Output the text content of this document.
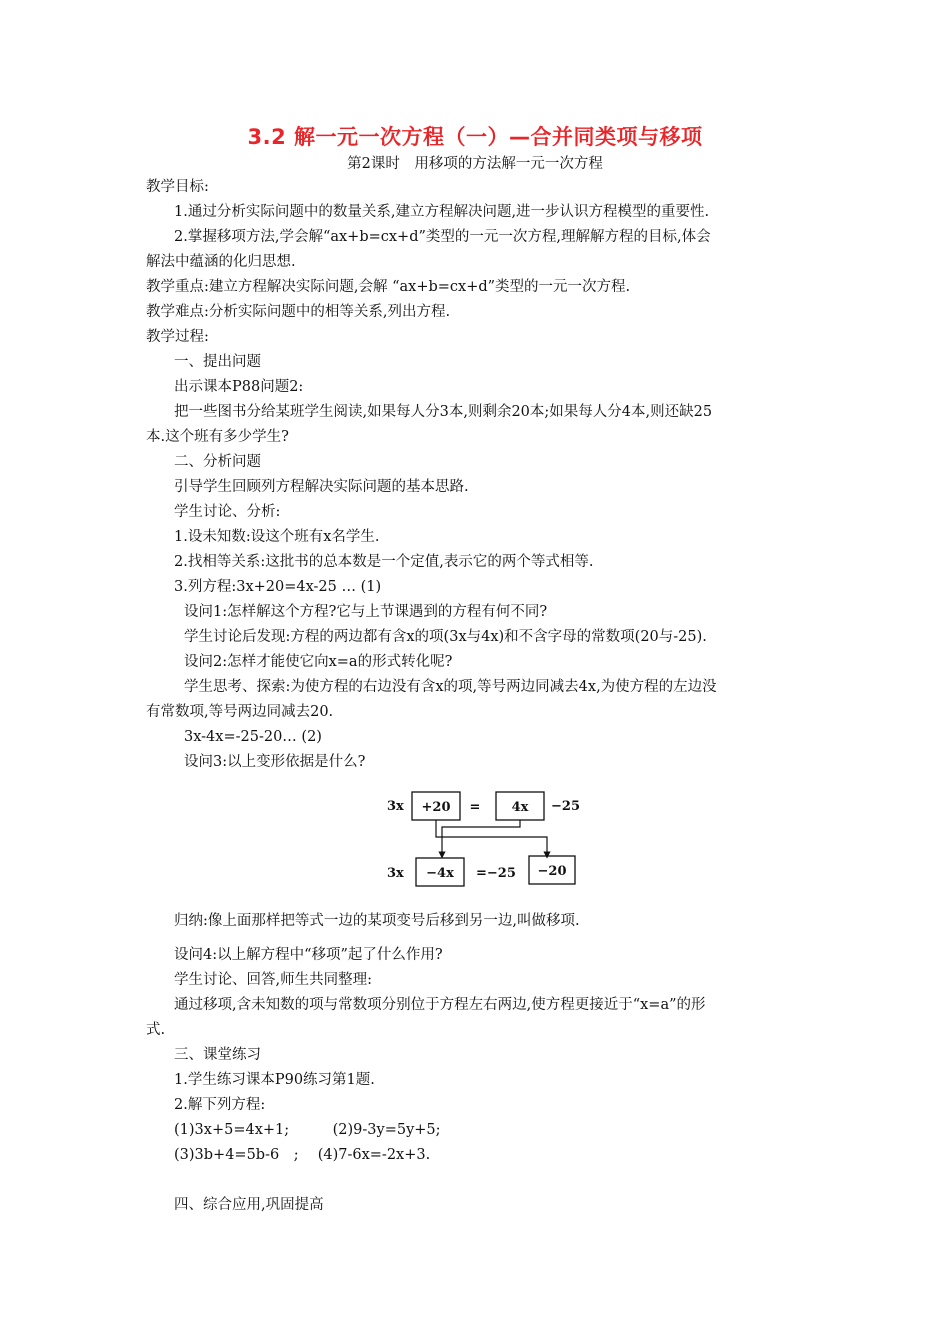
3.2 解一元一次方程（一）—合并同类项与移项
第2课时　用移项的方法解一元一次方程
教学目标:
1.通过分析实际问题中的数量关系,建立方程解决问题,进一步认识方程模型的重要性.
2.掌握移项方法,学会解“ax+b=cx+d”类型的一元一次方程,理解解方程的目标,体会
解法中蕴涵的化归思想.
教学重点:建立方程解决实际问题,会解 “ax+b=cx+d”类型的一元一次方程.
教学难点:分析实际问题中的相等关系,列出方程.
教学过程:
一、提出问题
出示课本P88问题2:
把一些图书分给某班学生阅读,如果每人分3本,则剩余20本;如果每人分4本,则还缺25
本.这个班有多少学生?
二、分析问题
引导学生回顾列方程解决实际问题的基本思路.
学生讨论、分析:
1.设未知数:设这个班有x名学生.
2.找相等关系:这批书的总本数是一个定值,表示它的两个等式相等.
3.列方程:3x+20=4x-25 … (1)
设问1:怎样解这个方程?它与上节课遇到的方程有何不同?
学生讨论后发现:方程的两边都有含x的项(3x与4x)和不含字母的常数项(20与-25).
设问2:怎样才能使它向x=a的形式转化呢?
学生思考、探索:为使方程的右边没有含x的项,等号两边同减去4x,为使方程的左边没
有常数项,等号两边同减去20.
3x-4x=-25-20… (2)
设问3:以上变形依据是什么?
3x +20 = 4x −25
3x −4x =−25 −20
归纳:像上面那样把等式一边的某项变号后移到另一边,叫做移项.
设问4:以上解方程中“移项”起了什么作用?
学生讨论、回答,师生共同整理:
通过移项,含未知数的项与常数项分别位于方程左右两边,使方程更接近于“x=a”的形
式.
三、课堂练习
1.学生练习课本P90练习第1题.
2.解下列方程:
(1)3x+5=4x+1;　　　(2)9-3y=5y+5;
(3)3b+4=5b-6　;　 (4)7-6x=-2x+3.
四、综合应用,巩固提高
